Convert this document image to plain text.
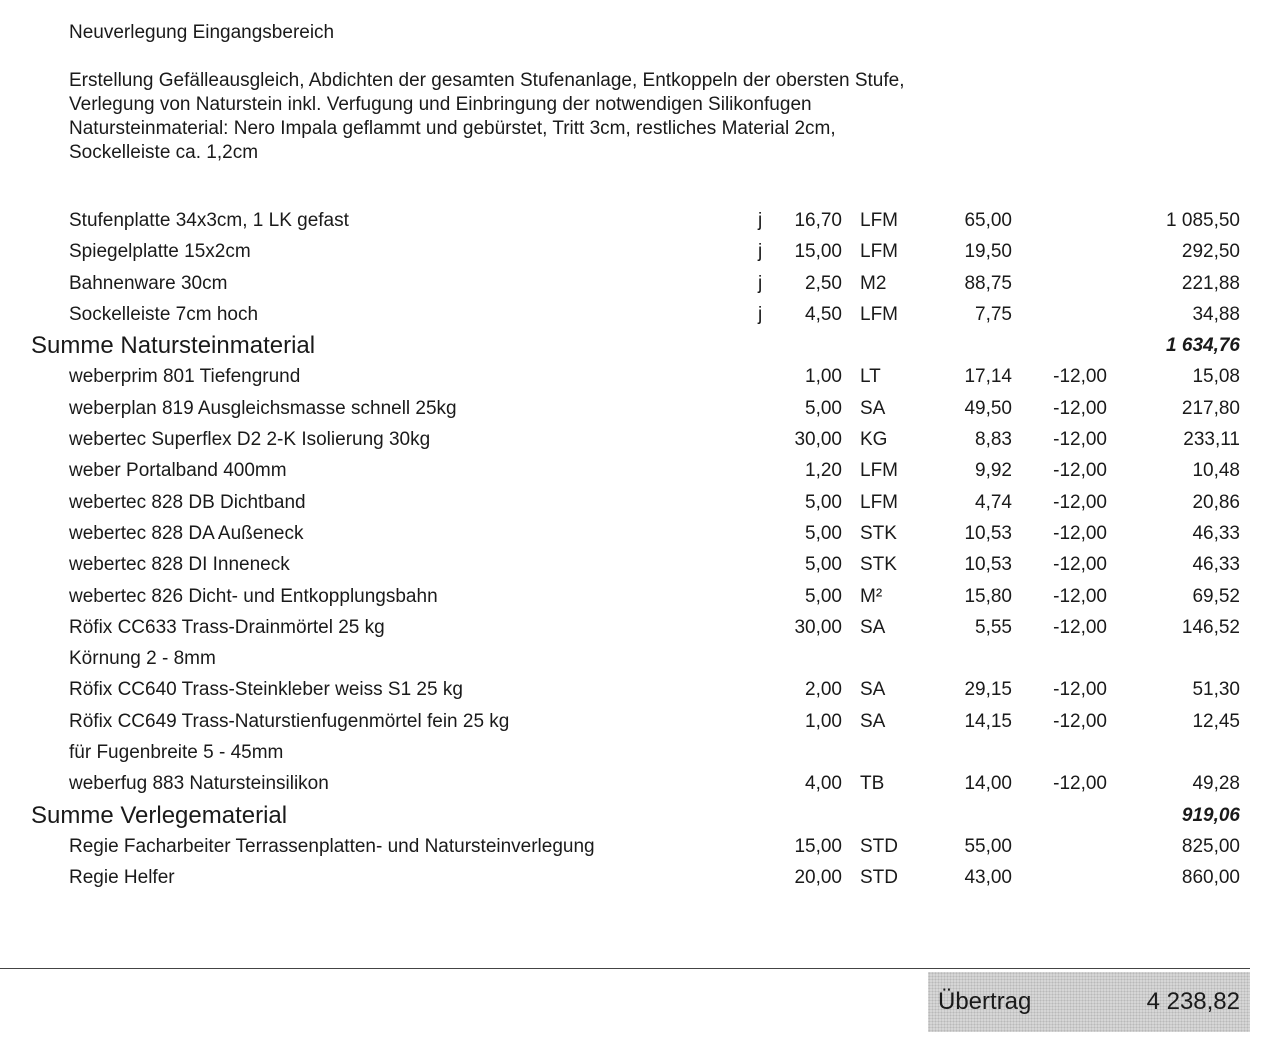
Neuverlegung Eingangsbereich
Erstellung Gefälleausgleich, Abdichten der gesamten Stufenanlage, Entkoppeln der obersten Stufe,
Verlegung von Naturstein inkl. Verfugung und Einbringung der notwendigen Silikonfugen
Natursteinmaterial: Nero Impala geflammt und gebürstet, Tritt 3cm, restliches Material 2cm,
Sockelleiste ca. 1,2cm
Stufenplatte 34x3cm, 1 LK gefast	j 16,70 LFM	65,00	1 085,50
Spiegelplatte 15x2cm	j 15,00 LFM	19,50	292,50
Bahnenware 30cm	j 2,50 M2	88,75	221,88
Sockelleiste 7cm hoch	j 4,50 LFM	7,75	34,88
Summe Natursteinmaterial	1 634,76
weberprim 801 Tiefengrund	1,00 LT	17,14 -12,00	15,08
weberplan 819 Ausgleichsmasse schnell 25kg	5,00 SA	49,50 -12,00	217,80
webertec Superflex D2 2-K Isolierung 30kg	30,00 KG	8,83 -12,00	233,11
weber Portalband 400mm	1,20 LFM	9,92 -12,00	10,48
webertec 828 DB Dichtband	5,00 LFM	4,74 -12,00	20,86
webertec 828 DA Außeneck	5,00 STK	10,53 -12,00	46,33
webertec 828 DI Inneneck	5,00 STK	10,53 -12,00	46,33
webertec 826 Dicht- und Entkopplungsbahn	5,00 M²	15,80 -12,00	69,52
Röfix CC633 Trass-Drainmörtel 25 kg	30,00 SA	5,55 -12,00	146,52
Körnung 2 - 8mm
Röfix CC640 Trass-Steinkleber weiss S1 25 kg	2,00 SA	29,15 -12,00	51,30
Röfix CC649 Trass-Naturstienfugenmörtel fein 25 kg	1,00 SA	14,15 -12,00	12,45
für Fugenbreite 5 - 45mm
weberfug 883 Natursteinsilikon	4,00 TB	14,00 -12,00	49,28
Summe Verlegematerial	919,06
Regie Facharbeiter Terrassenplatten- und Natursteinverlegung	15,00 STD	55,00	825,00
Regie Helfer	20,00 STD	43,00	860,00
Übertrag	4 238,82
